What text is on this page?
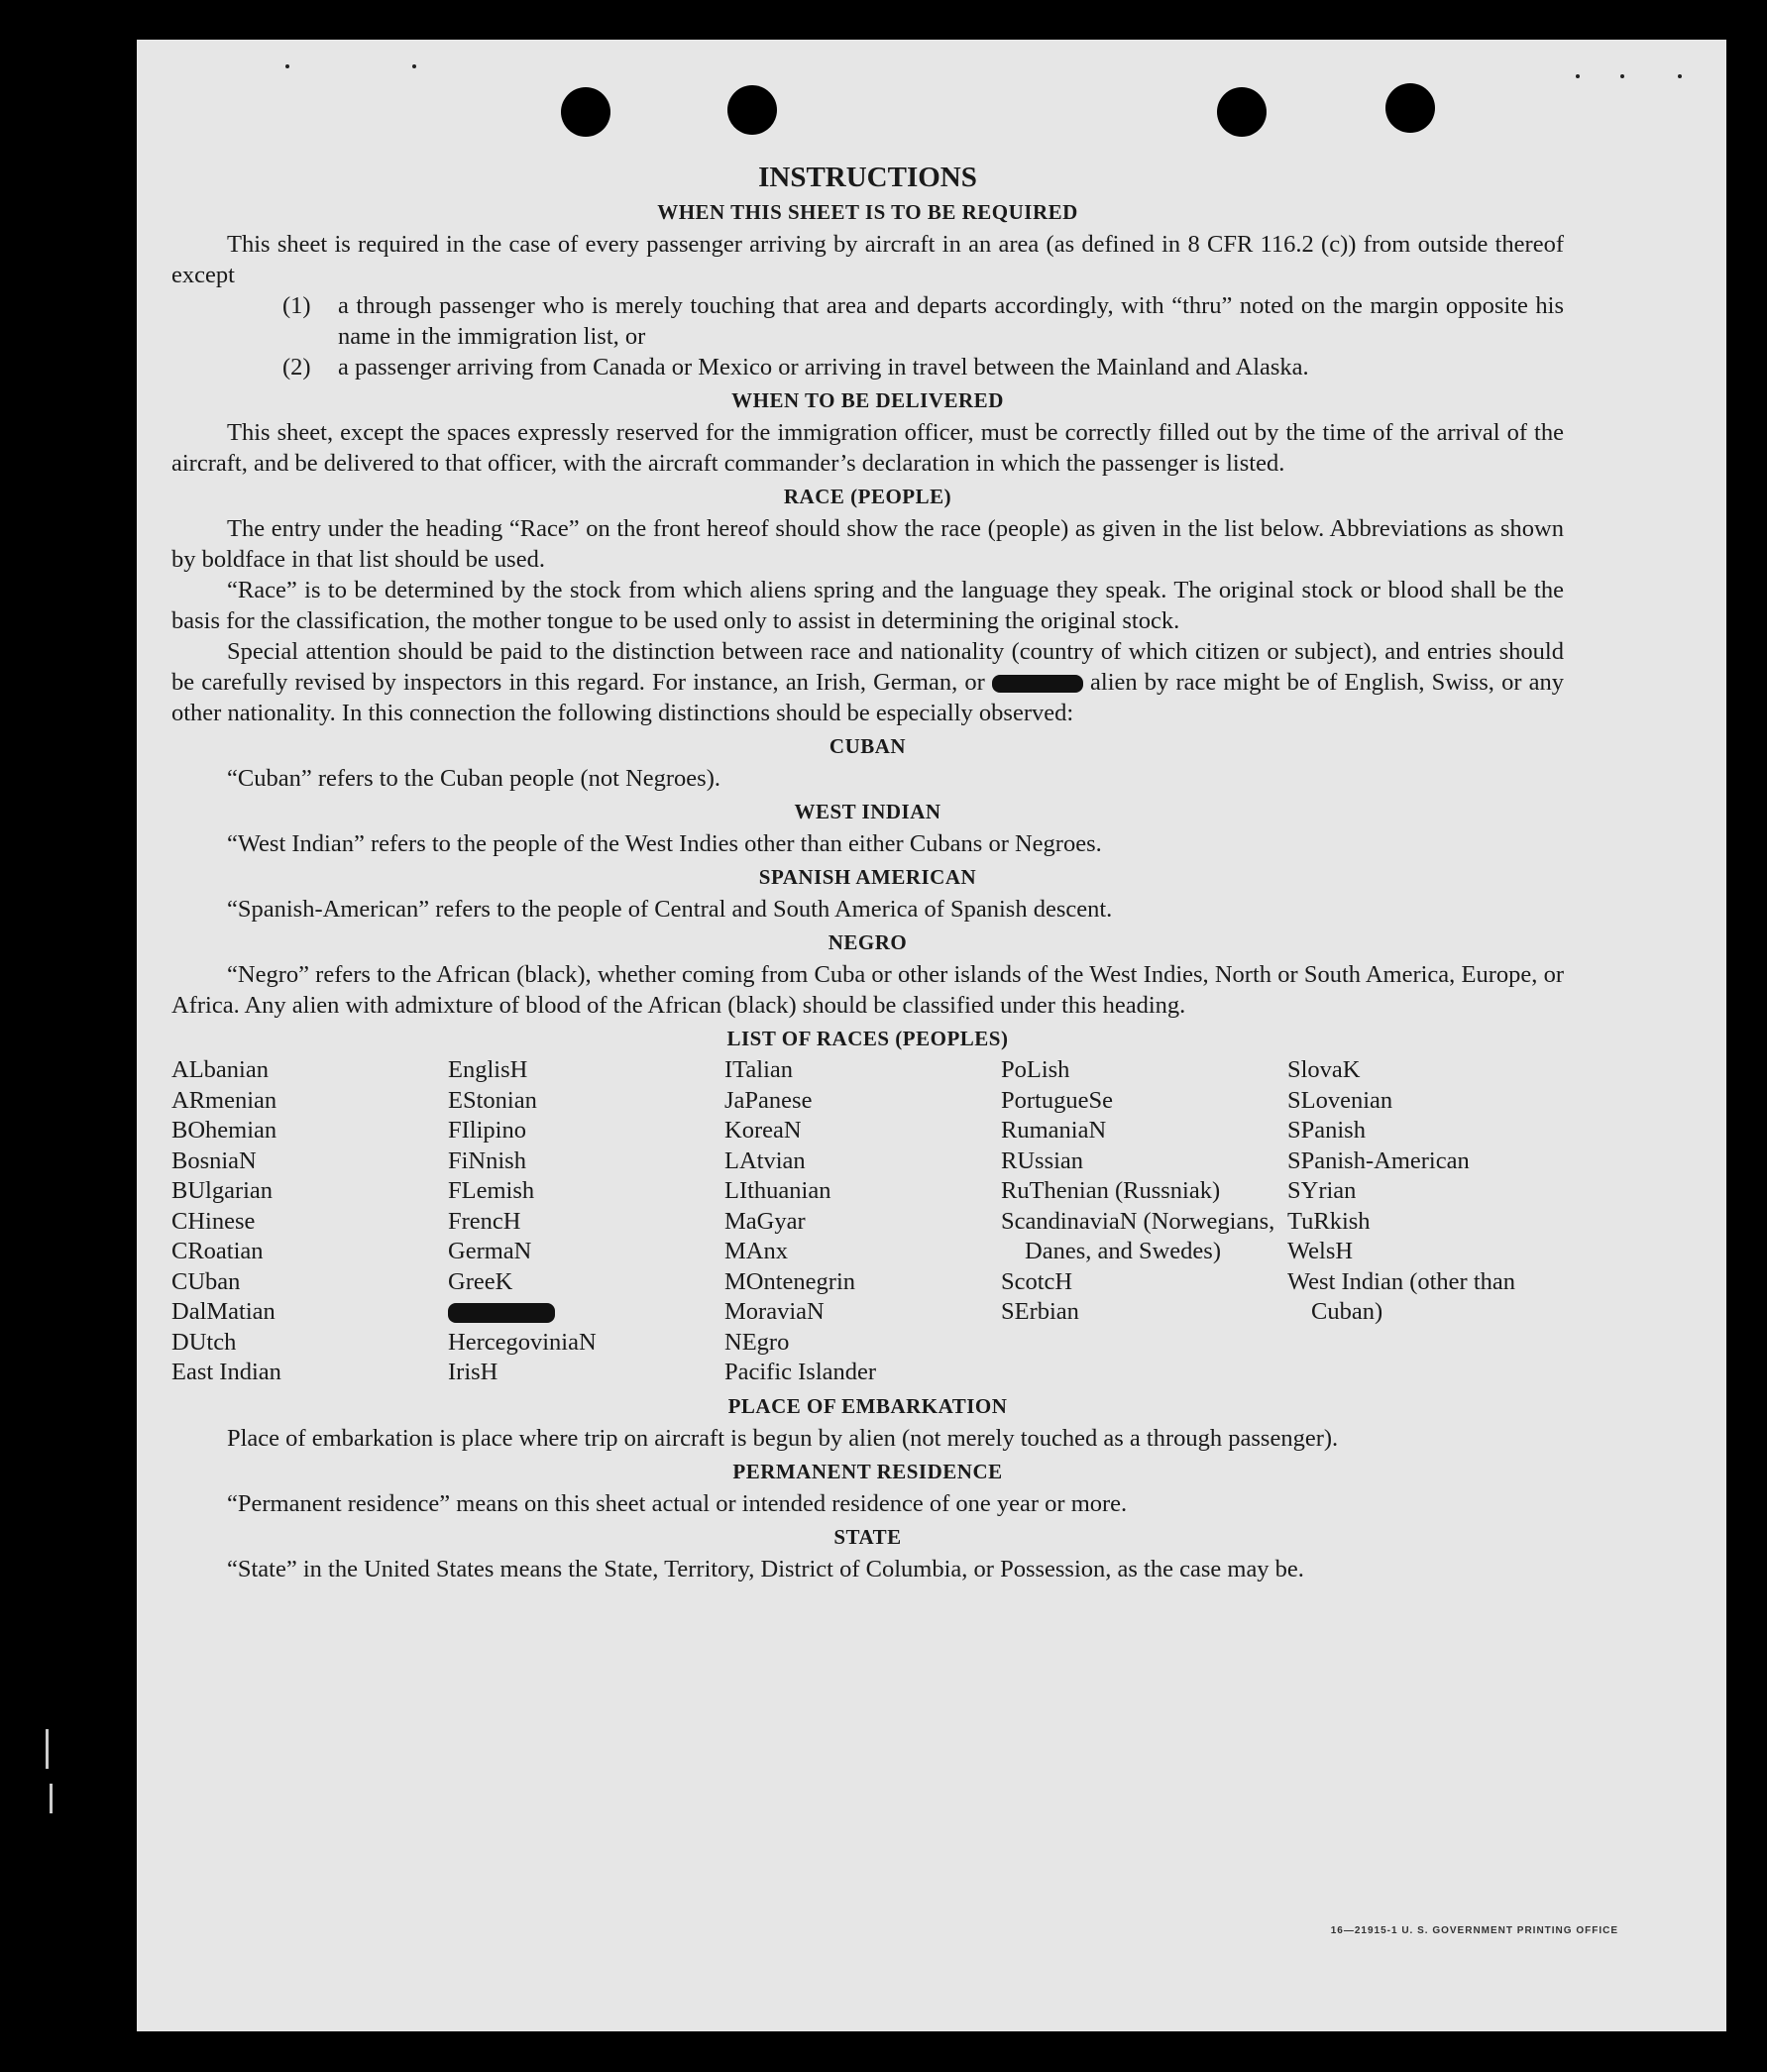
INSTRUCTIONS
WHEN THIS SHEET IS TO BE REQUIRED

This sheet is required in the case of every passenger arriving by aircraft in an area (as defined in 8 CFR 116.2 (c)) from outside thereof except

(1)	a through passenger who is merely touching that area and departs accordingly, with “thru” noted on the margin opposite his name in the immigration list, or
(2)	a passenger arriving from Canada or Mexico or arriving in travel between the Mainland and Alaska.
WHEN TO BE DELIVERED

This sheet, except the spaces expressly reserved for the immigration officer, must be correctly filled out by the time of the arrival of the aircraft, and be delivered to that officer, with the aircraft commander’s declaration in which the passenger is listed.

RACE (PEOPLE)

The entry under the heading “Race” on the front hereof should show the race (people) as given in the list below. Abbreviations as shown by boldface in that list should be used.

“Race” is to be determined by the stock from which aliens spring and the language they speak. The original stock or blood shall be the basis for the classification, the mother tongue to be used only to assist in determining the original stock.

Special attention should be paid to the distinction between race and nationality (country of which citizen or subject), and entries should be carefully revised by inspectors in this regard. For instance, an Irish, German, or	alien by race might be of English, Swiss, or any other nationality. In this connection the following distinctions should be especially observed:

CUBAN

“Cuban” refers to the Cuban people (not Negroes).

WEST INDIAN

“West Indian” refers to the people of the West Indies other than either Cubans or Negroes.

SPANISH AMERICAN

“Spanish-American” refers to the people of Central and South America of Spanish descent.

NEGRO

“Negro” refers to the African (black), whether coming from Cuba or other islands of the West Indies, North or South America, Europe, or Africa. Any alien with admixture of blood of the African (black) should be classified under this heading.

LIST OF RACES (PEOPLES)
ALbanian
ARmenian
BOhemian
BosniaN
BUlgarian
CHinese
CRoatian
CUban
DalMatian
DUtch
East Indian
EnglisH
EStonian
FIlipino
FiNnish
FLemish
FrencH
GermaN
GreeK
HercegoviniaN
IrisH
ITalian
JaPanese
KoreaN
LAtvian
LIthuanian
MaGyar
MAnx
MOntenegrin
MoraviaN
NEgro
Pacific Islander
PoLish
PortugueSe
RumaniaN
RUssian
RuThenian (Russniak)
ScandinaviaN (Norwegians, Danes, and Swedes)
ScotcH
SErbian
SlovaK
SLovenian
SPanish
SPanish-American
SYrian
TuRkish
WelsH
West Indian (other than Cuban)
PLACE OF EMBARKATION

Place of embarkation is place where trip on aircraft is begun by alien (not merely touched as a through passenger).

PERMANENT RESIDENCE

“Permanent residence” means on this sheet actual or intended residence of one year or more.

STATE

“State” in the United States means the State, Territory, District of Columbia, or Possession, as the case may be.

16—21915-1 U. S. GOVERNMENT PRINTING OFFICE
